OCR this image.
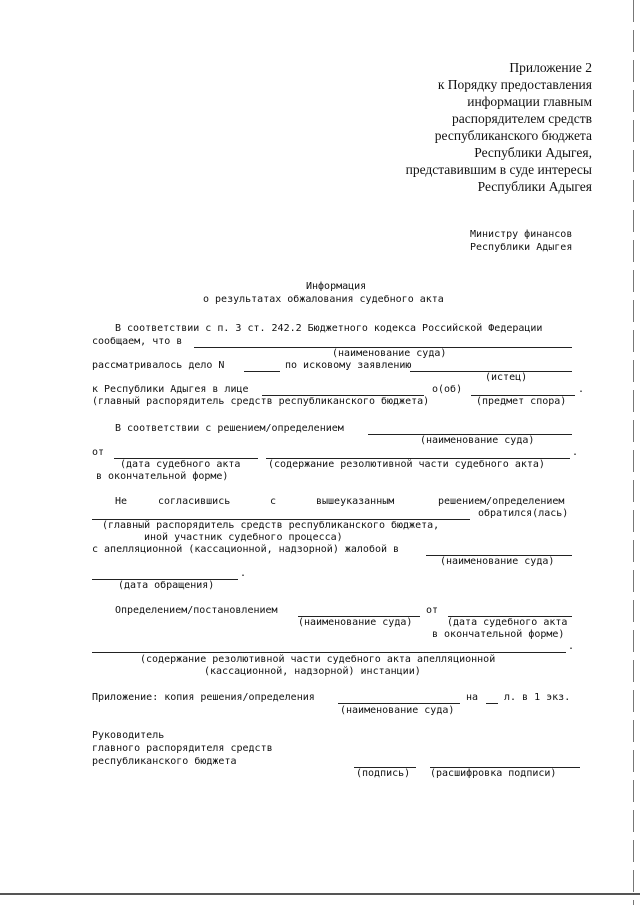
Приложение 2
к Порядку предоставления
информации главным
распорядителем средств
республиканского бюджета
Республики Адыгея,
представившим в суде интересы
Республики Адыгея
Министру финансов
Республики Адыгея
Информация
о результатах обжалования судебного акта
В соответствии с п. 3 ст. 242.2 Бюджетного кодекса Российской Федерации
сообщаем, что в
(наименование суда)
рассматривалось дело N	по исковому заявлению
(истец)
к Республики Адыгея в лице	о(об)	.
(главный распорядитель средств республиканского бюджета)	(предмет спора)
В соответствии с решением/определением
(наименование суда)
от	.
(дата судебного акта	(содержание резолютивной части судебного акта)
в окончательной форме)
Не	согласившись	с	вышеуказанным	решением/определением
обратился(лась)
(главный распорядитель средств республиканского бюджета,
иной участник судебного процесса)
с апелляционной (кассационной, надзорной) жалобой в
(наименование суда)
.
(дата обращения)
Определением/постановлением	от
(наименование суда)	(дата судебного акта
в окончательной форме)
.
(содержание резолютивной части судебного акта апелляционной
(кассационной, надзорной) инстанции)
Приложение: копия решения/определения	на	л. в 1 экз.
(наименование суда)
Руководитель
главного распорядителя средств
республиканского бюджета
(подпись) (расшифровка подписи)
